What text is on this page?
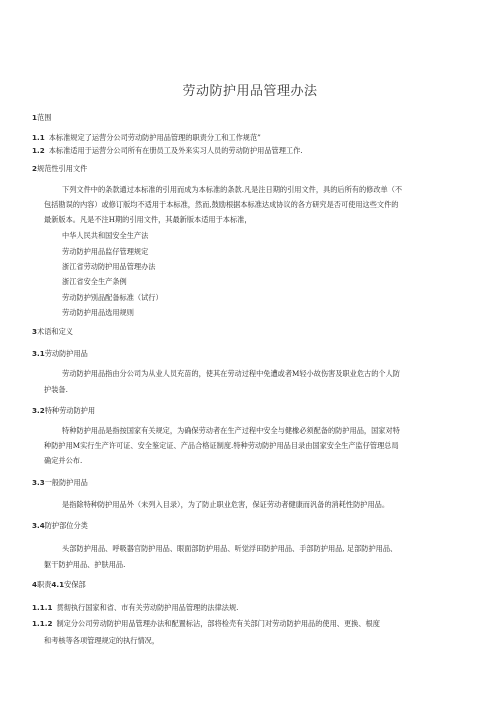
劳动防护用品管理办法
1范围
1.1 本标准规定了运营分公司劳动防护用品管理的职责分工和工作规范”
1.2 本标准适用于运营分公司所有在册员工及外来实习人员的劳动防护用品管理工作.
2规范性引用文件
下列文件中的条款通过本标准的引用而成为本标准的条款.凡是注日期的引用文件，具的后所有的修改单（不
包括勘误的内容）或修订版均不适用于本标准，然而,鼓励根据本标准达成协议的各方研究是否可使用这些文件的
最新版本。凡是不注H期的引用文件，其最新版本适用于本标准，
中华人民共和国安全生产法
劳动防护用品监仔管理规定
浙江省劳动防护用品管理办法
浙江省安全生产条例
劳动防护別品配备标准（试行）
劳动防护用品选用规则
3术语和定义
3.1劳动防护用品
劳动防护用品指由分公司为从业人员充苗的，使其在劳动过程中免遭或者M轻小故伤害及职业危古的个人防
护装备.
3.2特种劳动防护用
特种防护用品是指按国家有关规定，为确保劳动者在生产过程中安全与健橡必须配备的防护用品，国家对特
种防护用M实行生产许可证、安全鉴定证、产品合格证制度.特种劳动防护用品目录由国家安全生产监仔管理总局
确定并公布.
3.3一般防护用品
是指除特种防护用品外（未列入目录），为了防止职业危害，保证劳动者健康而汎备的消耗性防护用品。
3.4防护部位分类
头部防护用品、呼吸器官防护用品、眼面部防护用品、听觉浮田防护用品、手部防护用品, 足部防护用品、
躯干防护用品、护肤用品.
4职责4.1安保部
1.1.1 贯彻执行国家和省、市有关劳动防护用品管理的法律法规.
1.1.2 制定分公司劳动防护用品管理办法和配置标沾，部将检壳有关部门对劳动防护用品的使用、更换、根度
和考核等各项管理规定的执行情况，
